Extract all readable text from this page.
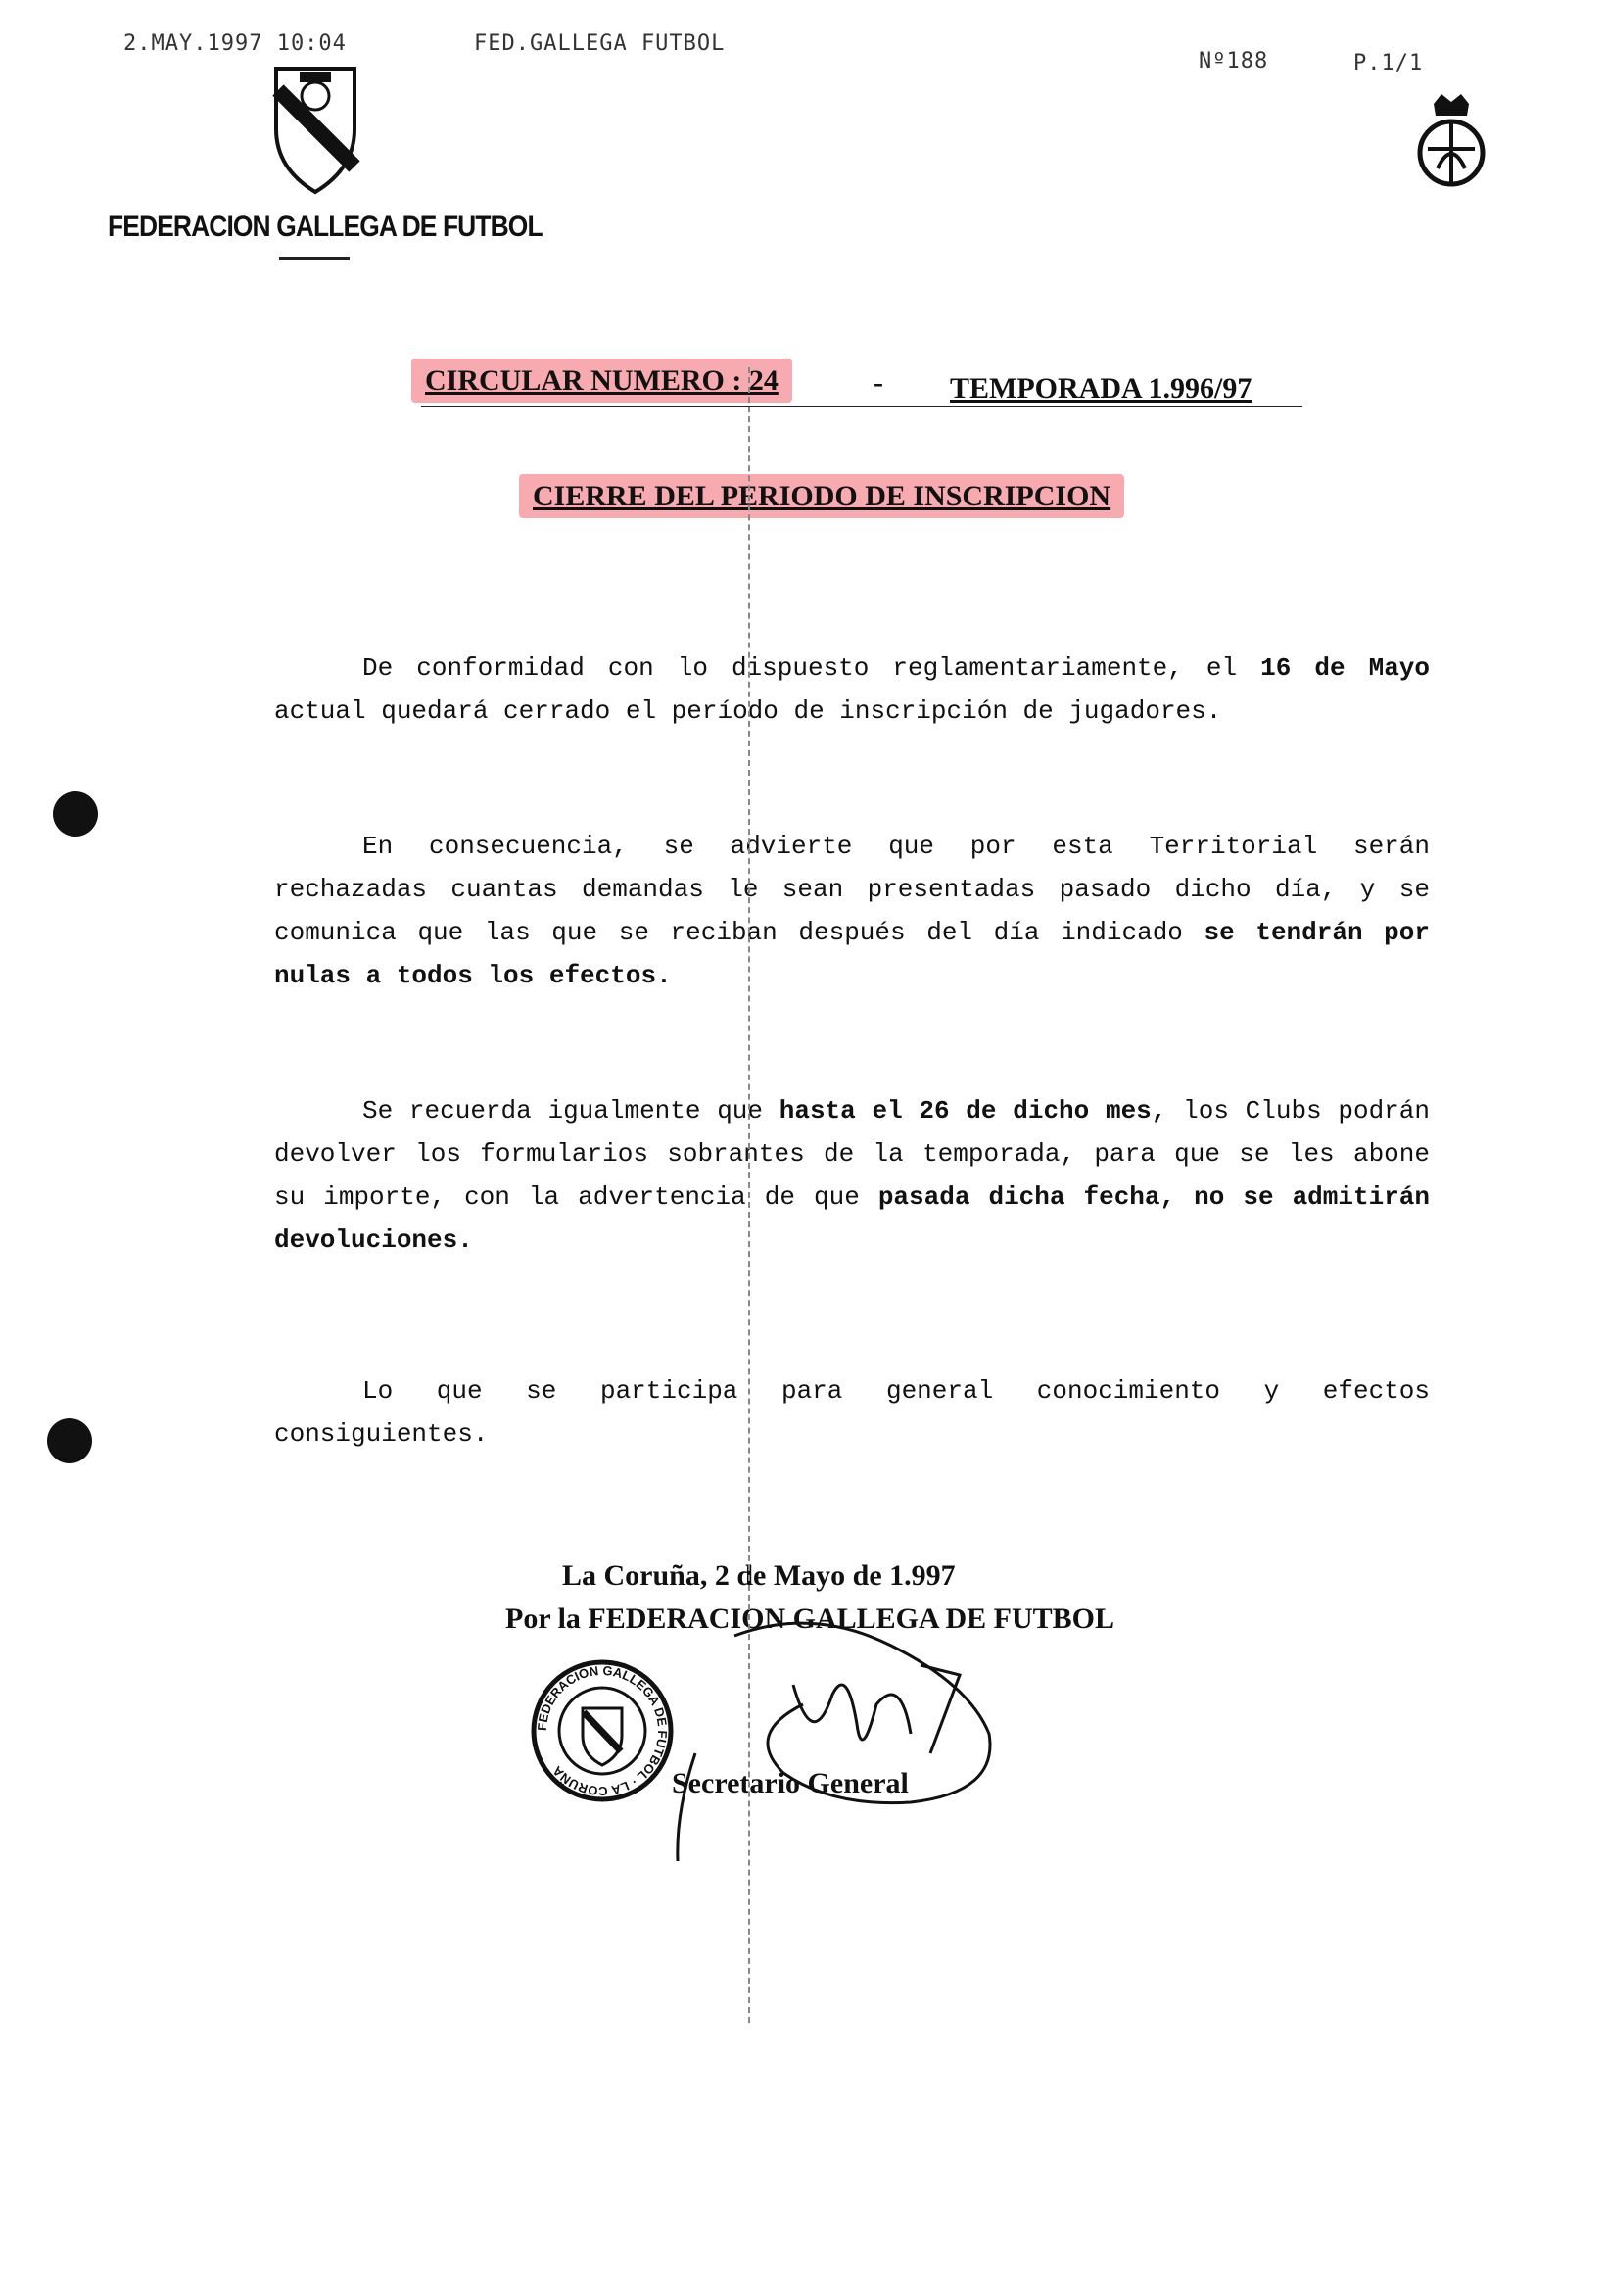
2.MAY.1997 10:04	FED.GALLEGA FUTBOL
Nº188	P.1/1
FEDERACION GALLEGA DE FUTBOL
CIRCULAR NUMERO : 24	- TEMPORADA 1.996/97
CIERRE DEL PERIODO DE INSCRIPCION
De conformidad con lo dispuesto reglamentariamente, el 16 de Mayo actual quedará cerrado el período de inscripción de jugadores.
En consecuencia, se advierte que por esta Territorial serán rechazadas cuantas demandas le sean presentadas pasado dicho día, y se comunica que las que se reciban después del día indicado se tendrán por nulas a todos los efectos.
Se recuerda igualmente que hasta el 26 de dicho mes, los Clubs podrán devolver los formularios sobrantes de la temporada, para que se les abone su importe, con la advertencia de que pasada dicha fecha, no se admitirán devoluciones.
Lo que se participa para general conocimiento y efectos consiguientes.
La Coruña, 2 de Mayo de 1.997
Por la FEDERACION GALLEGA DE FUTBOL
FEDERACION GALLEGA DE FUTBOL · LA CORUÑA	Secretario General
